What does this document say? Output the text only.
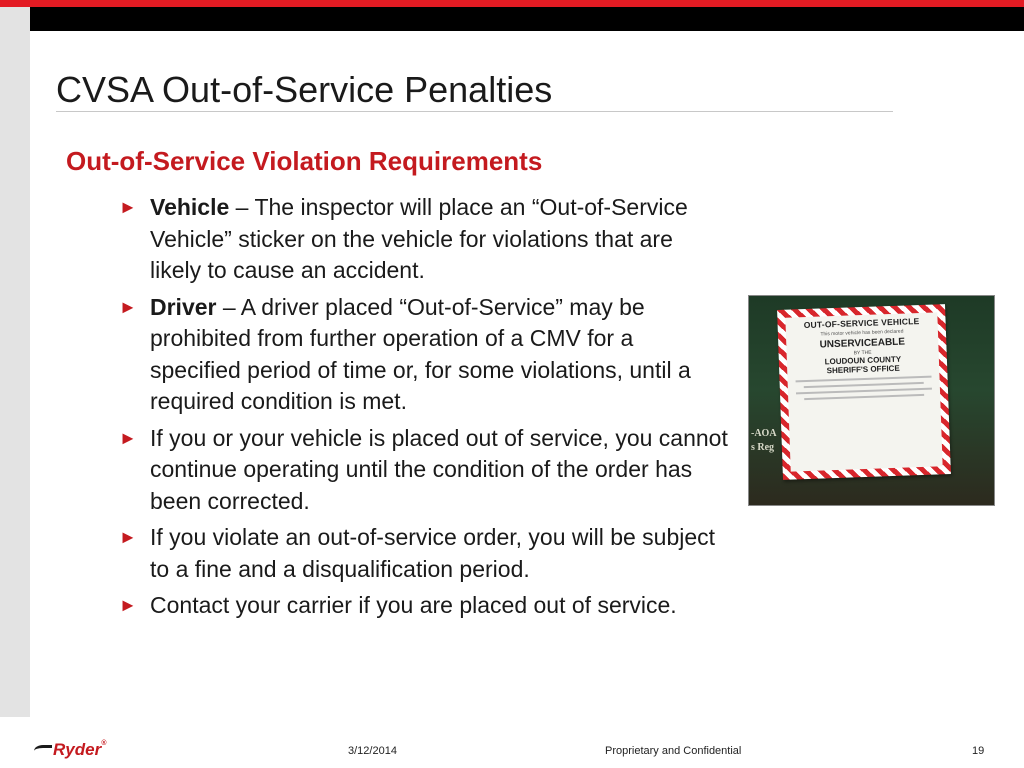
CVSA Out-of-Service Penalties
Out-of-Service Violation Requirements
► Vehicle – The inspector will place an “Out-of-Service Vehicle” sticker on the vehicle for violations that are likely to cause an accident.
► Driver – A driver placed “Out-of-Service” may be prohibited from further operation of a CMV for a specified period of time or, for some violations, until a required condition is met.
► If you or your vehicle is placed out of service, you cannot continue operating until the condition of the order has been corrected.
► If you violate an out-of-service order, you will be subject to a fine and a disqualification period.
► Contact your carrier if you are placed out of service.
-AOA
s Reg
OUT-OF-SERVICE VEHICLE
This motor vehicle has been declared
UNSERVICEABLE
BY THE
LOUDOUN COUNTY
SHERIFF'S OFFICE
Ryder®
3/12/2014	Proprietary and Confidential	19
